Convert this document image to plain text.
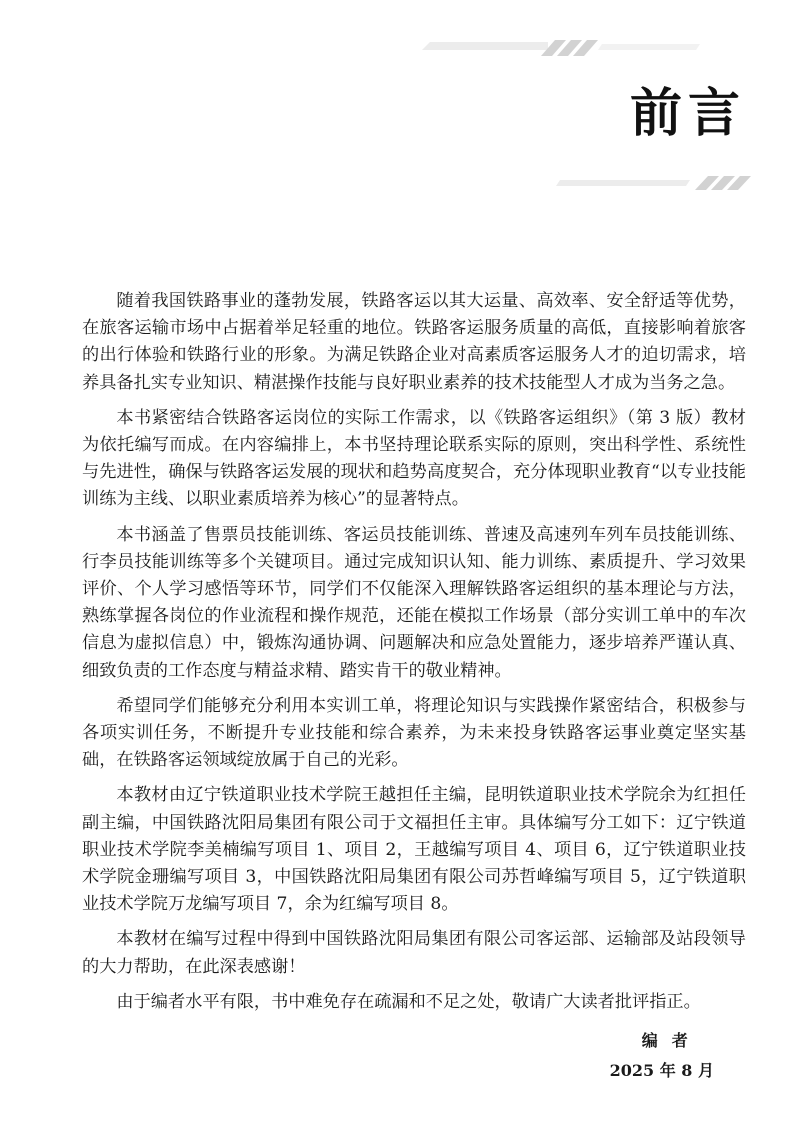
前言

随着我国铁路事业的蓬勃发展，铁路客运以其大运量、高效率、安全舒适等优势，在旅客运输市场中占据着举足轻重的地位。铁路客运服务质量的高低，直接影响着旅客的出行体验和铁路行业的形象。为满足铁路企业对高素质客运服务人才的迫切需求，培养具备扎实专业知识、精湛操作技能与良好职业素养的技术技能型人才成为当务之急。

本书紧密结合铁路客运岗位的实际工作需求，以《铁路客运组织》（第 3 版）教材为依托编写而成。在内容编排上，本书坚持理论联系实际的原则，突出科学性、系统性与先进性，确保与铁路客运发展的现状和趋势高度契合，充分体现职业教育“以专业技能训练为主线、以职业素质培养为核心”的显著特点。

本书涵盖了售票员技能训练、客运员技能训练、普速及高速列车列车员技能训练、行李员技能训练等多个关键项目。通过完成知识认知、能力训练、素质提升、学习效果评价、个人学习感悟等环节，同学们不仅能深入理解铁路客运组织的基本理论与方法，熟练掌握各岗位的作业流程和操作规范，还能在模拟工作场景（部分实训工单中的车次信息为虚拟信息）中，锻炼沟通协调、问题解决和应急处置能力，逐步培养严谨认真、细致负责的工作态度与精益求精、踏实肯干的敬业精神。

希望同学们能够充分利用本实训工单，将理论知识与实践操作紧密结合，积极参与各项实训任务，不断提升专业技能和综合素养，为未来投身铁路客运事业奠定坚实基础，在铁路客运领域绽放属于自己的光彩。

本教材由辽宁铁道职业技术学院王越担任主编，昆明铁道职业技术学院余为红担任副主编，中国铁路沈阳局集团有限公司于文福担任主审。具体编写分工如下：辽宁铁道职业技术学院李美楠编写项目 1、项目 2，王越编写项目 4、项目 6，辽宁铁道职业技术学院金珊编写项目 3，中国铁路沈阳局集团有限公司苏哲峰编写项目 5，辽宁铁道职业技术学院万龙编写项目 7，余为红编写项目 8。

本教材在编写过程中得到中国铁路沈阳局集团有限公司客运部、运输部及站段领导的大力帮助，在此深表感谢！

由于编者水平有限，书中难免存在疏漏和不足之处，敬请广大读者批评指正。

编者
2025 年 8 月
